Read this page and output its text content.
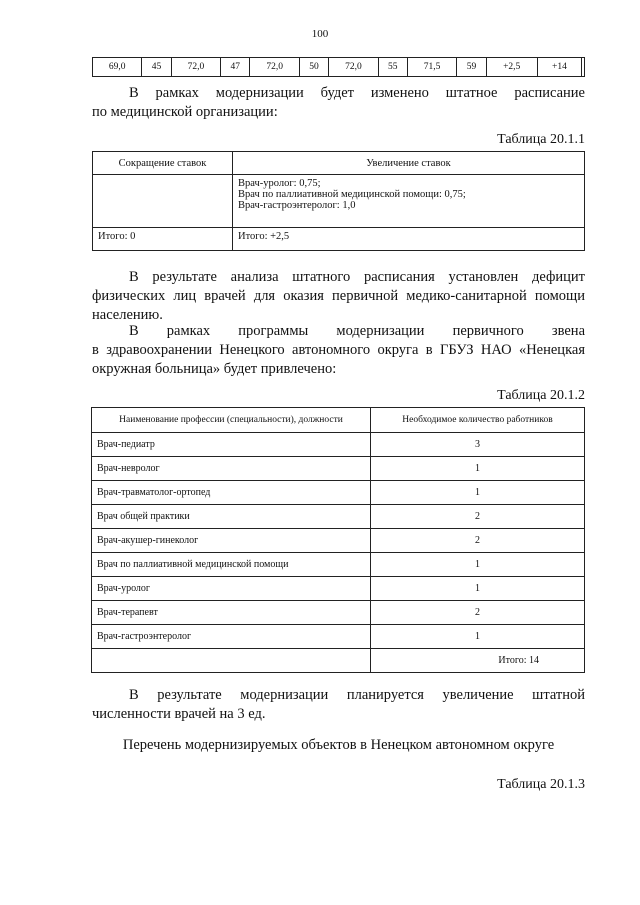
100
69,0	45	72,0	47	72,0	50	72,0	55	71,5	59	+2,5	+14	
В рамках модернизации будет изменено штатное расписание
по медицинской организации:
Таблица 20.1.1
Сокращение ставок	Увеличение ставок

	Врач-уролог: 0,75;
Врач по паллиативной медицинской помощи: 0,75;
Врач-гастроэнтеролог: 1,0

Итого: 0	Итого: +2,5
В результате анализа штатного расписания установлен дефицит
физических лиц врачей для оказия первичной медико-санитарной помощи
населению.
В рамках программы модернизации первичного звена
в здравоохранении Ненецкого автономного округа в ГБУЗ НАО «Ненецкая
окружная больница» будет привлечено:
Таблица 20.1.2
Наименование профессии (специальности), должности	Необходимое количество работников
Врач-педиатр	3
Врач-невролог	1
Врач-травматолог-ортопед	1
Врач общей практики	2
Врач-акушер-гинеколог	2
Врач по паллиативной медицинской помощи	1
Врач-уролог	1
Врач-терапевт	2
Врач-гастроэнтеролог	1
	Итого: 14
В результате модернизации планируется увеличение штатной
численности врачей на 3 ед.
Перечень модернизируемых объектов в Ненецком автономном округе
Таблица 20.1.3
